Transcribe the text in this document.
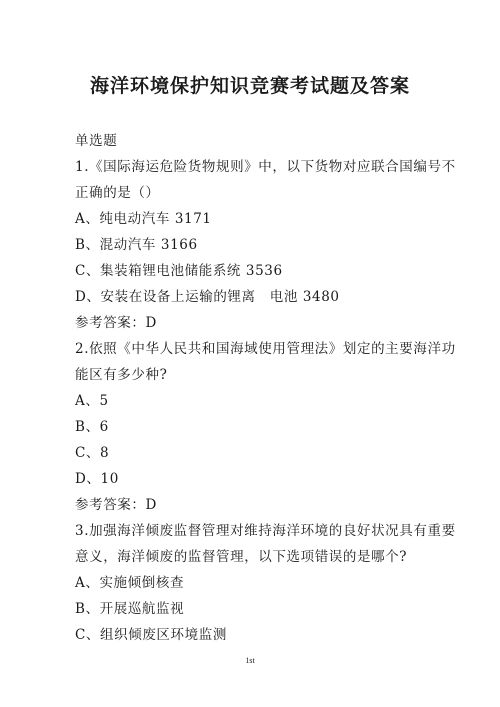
海洋环境保护知识竞赛考试题及答案
单选题
1.《国际海运危险货物规则》中，以下货物对应联合国编号不
正确的是（）
A、纯电动汽车 3171
B、混动汽车 3166
C、集装箱锂电池储能系统 3536
D、安装在设备上运输的锂离　电池 3480
参考答案：D
2.依照《中华人民共和国海域使用管理法》划定的主要海洋功
能区有多少种?
A、5
B、6
C、8
D、10
参考答案：D
3.加强海洋倾废监督管理对维持海洋环境的良好状况具有重要
意义，海洋倾废的监督管理，以下选项错误的是哪个?
A、实施倾倒核查
B、开展巡航监视
C、组织倾废区环境监测
1st
